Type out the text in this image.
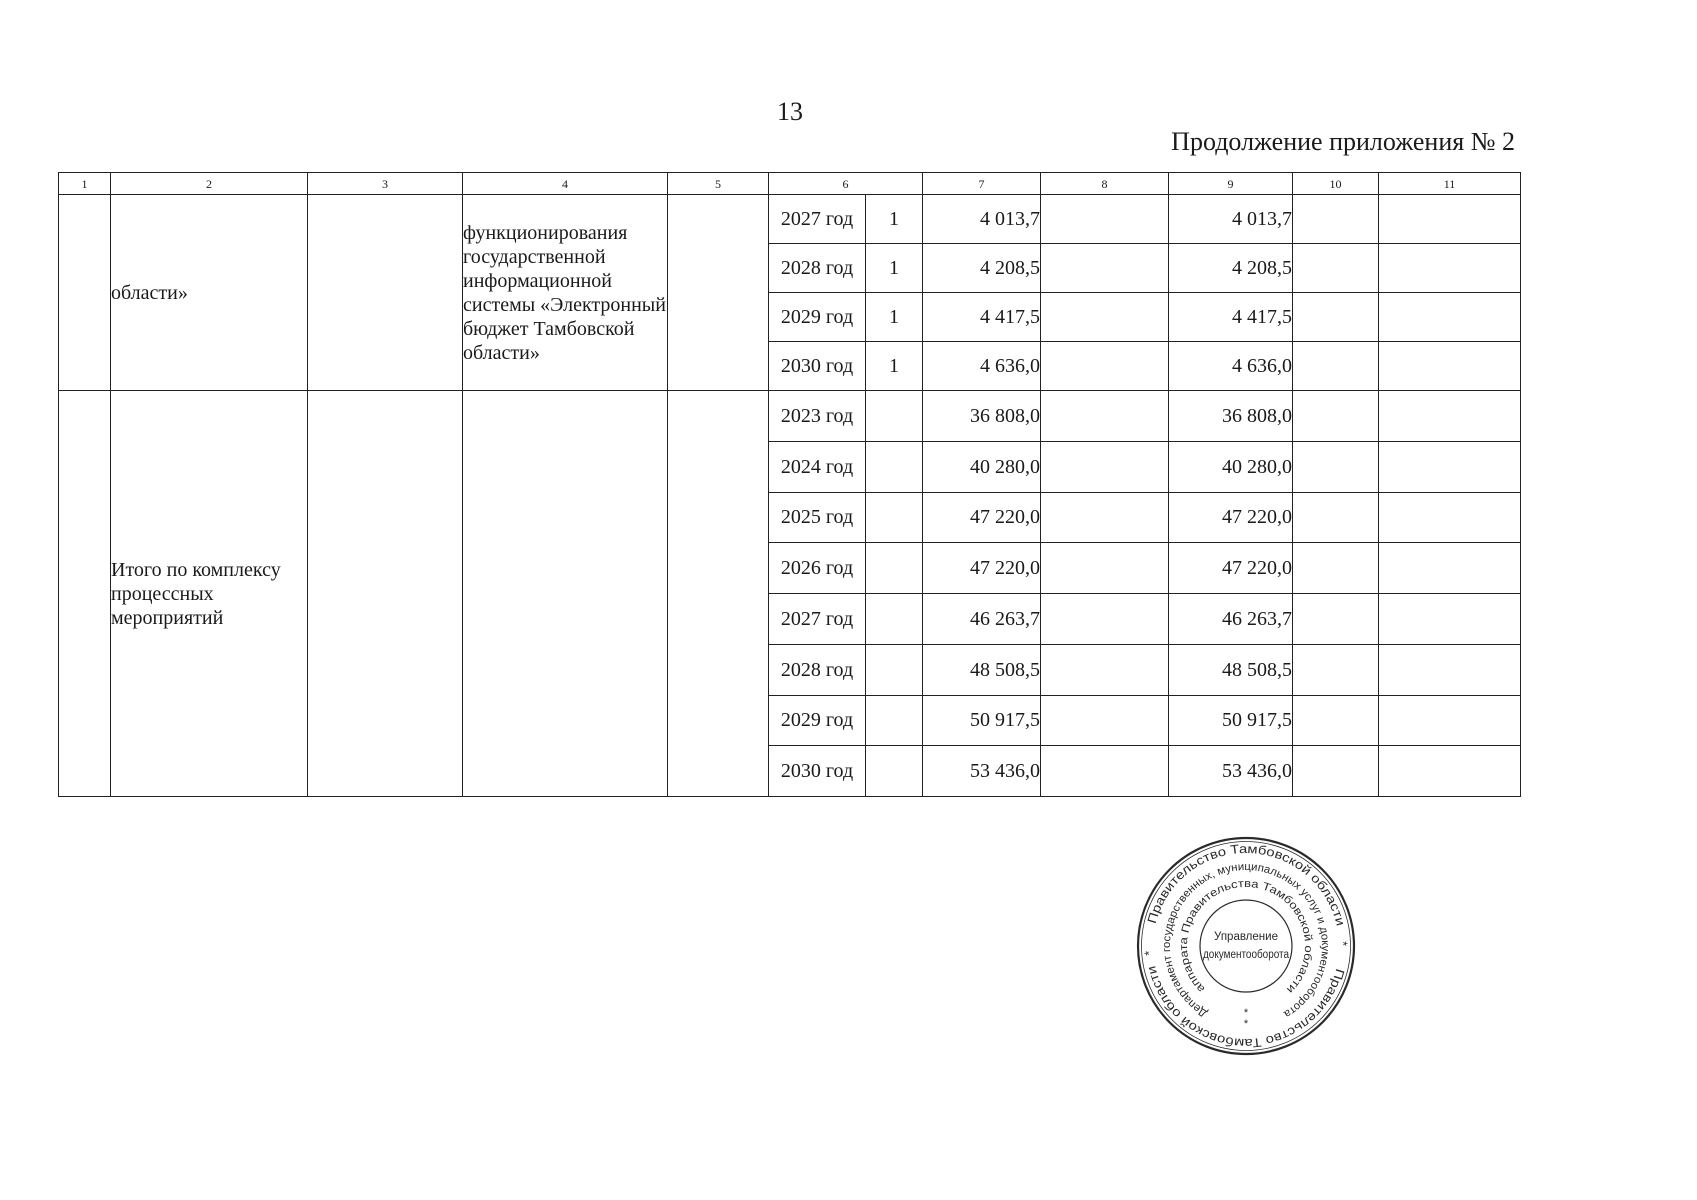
13
Продолжение приложения № 2
1	2	3	4	5	6		7	8	9	10	11
	области»		функционирования государственной информационной системы «Электронный бюджет Тамбовской области»		2027 год	1	4 013,7		4 013,7		
					2028 год	1	4 208,5		4 208,5		
					2029 год	1	4 417,5		4 417,5		
					2030 год	1	4 636,0		4 636,0		
	Итого по комплексу процессных мероприятий				2023 год		36 808,0		36 808,0		
					2024 год		40 280,0		40 280,0		
					2025 год		47 220,0		47 220,0		
					2026 год		47 220,0		47 220,0		
					2027 год		46 263,7		46 263,7		
					2028 год		48 508,5		48 508,5		
					2029 год		50 917,5		50 917,5		
					2030 год		53 436,0		53 436,0		
Правительство Тамбовской области
*
Правительство Тамбовской области
*
Департамент государственных, муниципальных услуг и документооборота
аппарата Правительства Тамбовской области
*
*
Управление
документооборота
